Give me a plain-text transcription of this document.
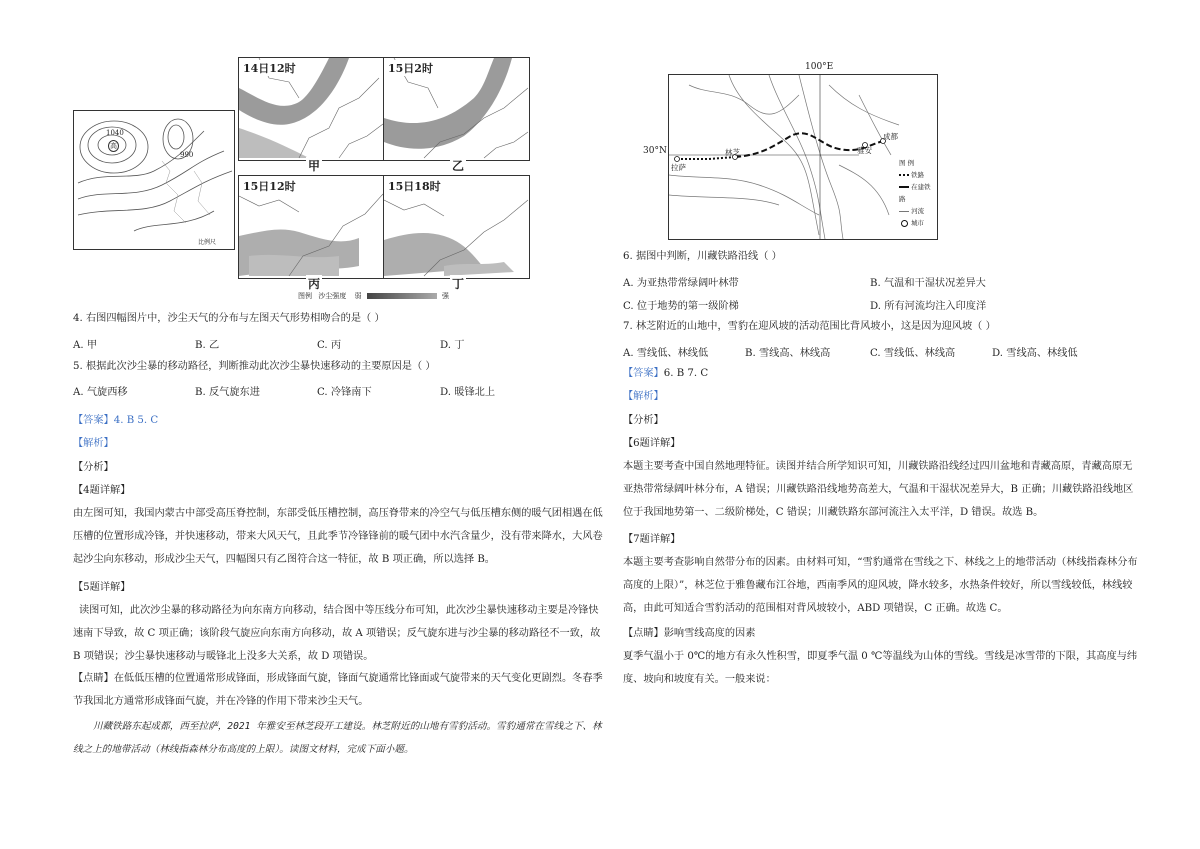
1040
高
990
比例尺
14日12时	15日2时
甲	乙
15日12时	15日18时
丙	丁
图例 沙尘强度 弱	强
4. 右图四幅图片中，沙尘天气的分布与左图天气形势相吻合的是（ ）
A. 甲	B. 乙	C. 丙	D. 丁
5. 根据此次沙尘暴的移动路径，判断推动此次沙尘暴快速移动的主要原因是（ ）
A. 气旋西移	B. 反气旋东进	C. 冷锋南下	D. 暖锋北上
【答案】4. B 5. C
【解析】
【分析】
【4题详解】
由左图可知，我国内蒙古中部受高压脊控制，东部受低压槽控制，高压脊带来的冷空气与低压槽东侧的暖气团相遇在低压槽的位置形成冷锋，并快速移动，带来大风天气，且此季节冷锋锋前的暖气团中水汽含量少，没有带来降水，大风卷起沙尘向东移动，形成沙尘天气，四幅图只有乙图符合这一特征，故 B 项正确，所以选择 B。
【5题详解】
读图可知，此次沙尘暴的移动路径为向东南方向移动，结合图中等压线分布可知，此次沙尘暴快速移动主要是冷锋快速南下导致，故 C 项正确；该阶段气旋应向东南方向移动，故 A 项错误；反气旋东进与沙尘暴的移动路径不一致，故 B 项错误；沙尘暴快速移动与暖锋北上没多大关系，故 D 项错误。
【点睛】在低低压槽的位置通常形成锋面，形成锋面气旋，锋面气旋通常比锋面或气旋带来的天气变化更剧烈。冬春季节我国北方通常形成锋面气旋，并在冷锋的作用下带来沙尘天气。
川藏铁路东起成都，西至拉萨，2021 年雅安至林芝段开工建设。林芝附近的山地有雪豹活动。雪豹通常在雪线之下、林线之上的地带活动（林线指森林分布高度的上限）。读图文材料，完成下面小题。
拉萨
林芝	雅安
成都
图 例
铁路
在建铁路
河流
城市
100°E
30°N
6. 据图中判断，川藏铁路沿线（ ）
A. 为亚热带常绿阔叶林带	B. 气温和干湿状况差异大
C. 位于地势的第一级阶梯	D. 所有河流均注入印度洋
7. 林芝附近的山地中，雪豹在迎风坡的活动范围比背风坡小，这是因为迎风坡（ ）
A. 雪线低、林线低	B. 雪线高、林线高	C. 雪线低、林线高	D. 雪线高、林线低
【答案】6. B 7. C
【解析】
【分析】
【6题详解】
本题主要考查中国自然地理特征。读图并结合所学知识可知，川藏铁路沿线经过四川盆地和青藏高原，青藏高原无亚热带常绿阔叶林分布，A 错误；川藏铁路沿线地势高差大，气温和干湿状况差异大，B 正确；川藏铁路沿线地区位于我国地势第一、二级阶梯处，C 错误；川藏铁路东部河流注入太平洋，D 错误。故选 B。
【7题详解】
本题主要考查影响自然带分布的因素。由材料可知，“雪豹通常在雪线之下、林线之上的地带活动（林线指森林分布高度的上限）”，林芝位于雅鲁藏布江谷地，西南季风的迎风坡，降水较多，水热条件较好，所以雪线较低，林线较高，由此可知适合雪豹活动的范围相对背风坡较小，ABD 项错误，C 正确。故选 C。
【点睛】影响雪线高度的因素
夏季气温小于 0℃的地方有永久性积雪，即夏季气温 0 ℃等温线为山体的雪线。雪线是冰雪带的下限，其高度与纬度、坡向和坡度有关。一般来说：
